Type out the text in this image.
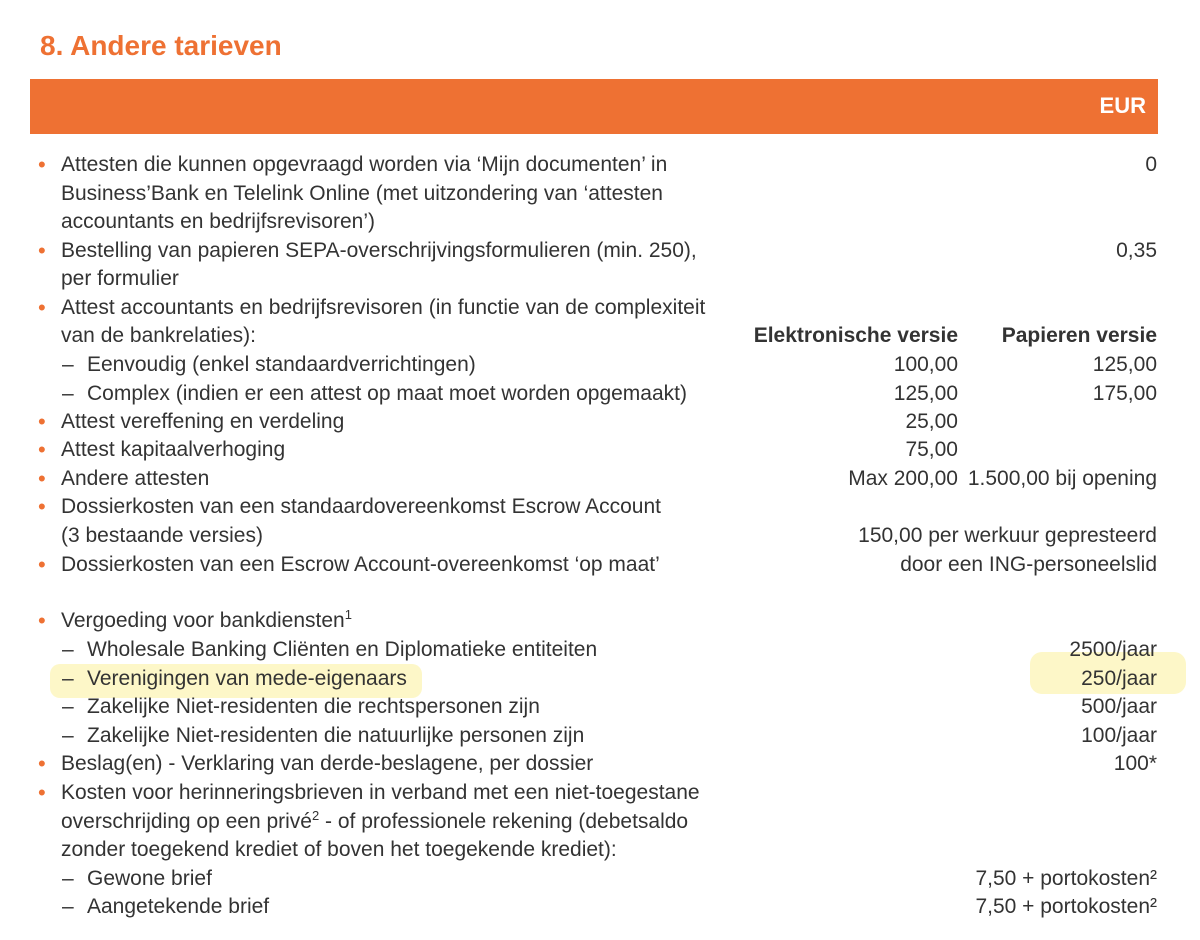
8. Andere tarieven
EUR
• Attesten die kunnen opgevraagd worden via ‘Mijn documenten’ in	0
Business’Bank en Telelink Online (met uitzondering van ‘attesten
accountants en bedrijfsrevisoren’)
• Bestelling van papieren SEPA-overschrijvingsformulieren (min. 250),	0,35
per formulier
• Attest accountants en bedrijfsrevisoren (in functie van de complexiteit
van de bankrelaties):	Elektronische versie Papieren versie
– Eenvoudig (enkel standaardverrichtingen)	100,00	125,00
– Complex (indien er een attest op maat moet worden opgemaakt)	125,00	175,00
• Attest vereffening en verdeling	25,00
• Attest kapitaalverhoging	75,00
• Andere attesten	Max 200,00 1.500,00 bij opening
• Dossierkosten van een standaardovereenkomst Escrow Account
(3 bestaande versies)	150,00 per werkuur gepresteerd
• Dossierkosten van een Escrow Account-overeenkomst ‘op maat’	door een ING-personeelslid
• Vergoeding voor bankdiensten$^1$
– Wholesale Banking Cliënten en Diplomatieke entiteiten	2500/jaar
– Verenigingen van mede-eigenaars	250/jaar
– Zakelijke Niet-residenten die rechtspersonen zijn	500/jaar
– Zakelijke Niet-residenten die natuurlijke personen zijn	100/jaar
• Beslag(en) - Verklaring van derde-beslagene, per dossier	100*
• Kosten voor herinneringsbrieven in verband met een niet-toegestane
overschrijding op een privé$^2$ - of professionele rekening (debetsaldo
zonder toegekend krediet of boven het toegekende krediet):
– Gewone brief	7,50 + portokosten²
– Aangetekende brief	7,50 + portokosten²
